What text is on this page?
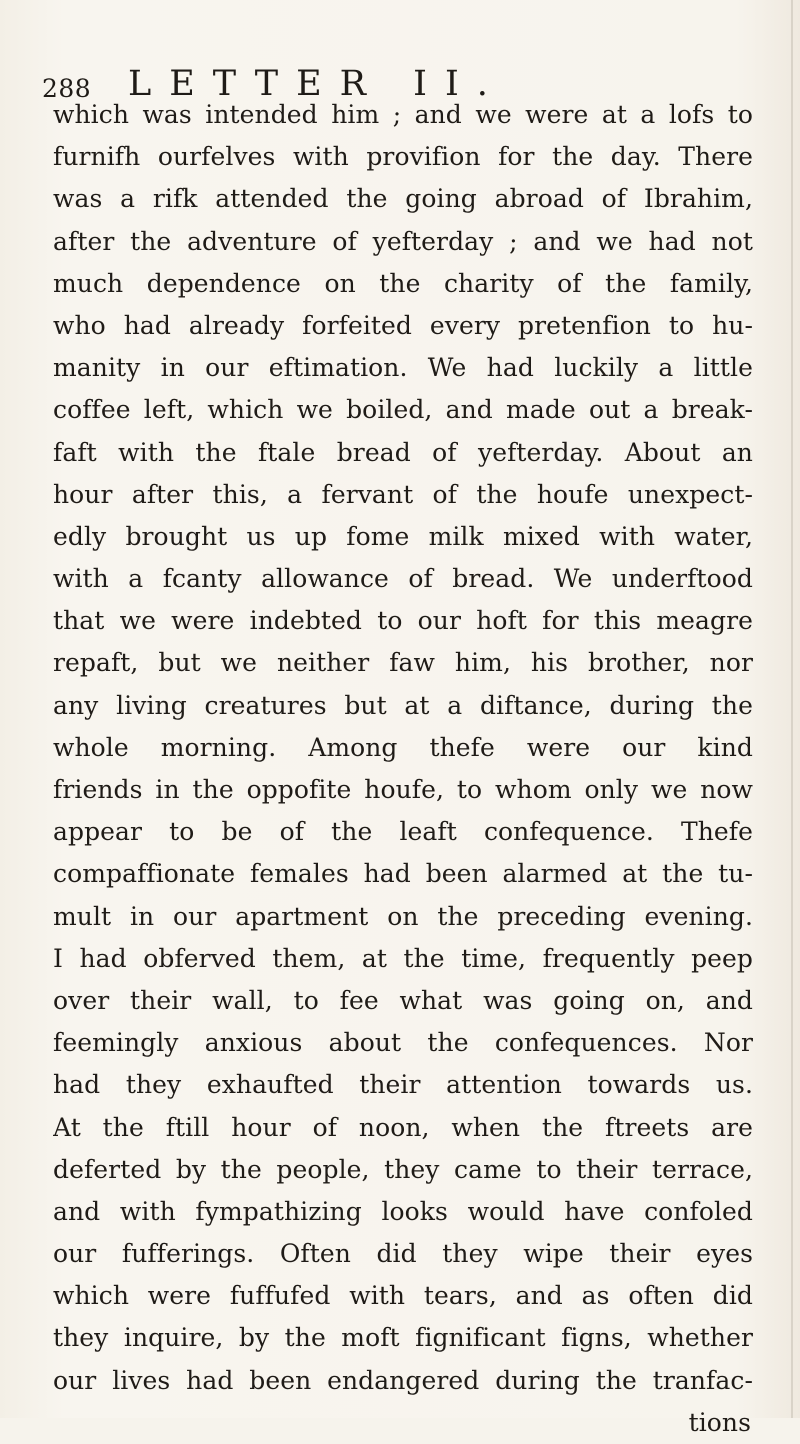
288 LETTER II.
which was intended him ; and we were at a lofs to
furnifh ourfelves with provifion for the day. There
was a rifk attended the going abroad of Ibrahim,
after the adventure of yefterday ; and we had not
much dependence on the charity of the family,
who had already forfeited every pretenfion to hu-
manity in our eftimation. We had luckily a little
coffee left, which we boiled, and made out a break-
faft with the ftale bread of yefterday. About an
hour after this, a fervant of the houfe unexpect-
edly brought us up fome milk mixed with water,
with a fcanty allowance of bread. We underftood
that we were indebted to our hoft for this meagre
repaft, but we neither faw him, his brother, nor
any living creatures but at a diftance, during the
whole morning. Among thefe were our kind
friends in the oppofite houfe, to whom only we now
appear to be of the leaft confequence. Thefe
compaffionate females had been alarmed at the tu-
mult in our apartment on the preceding evening.
I had obferved them, at the time, frequently peep
over their wall, to fee what was going on, and
feemingly anxious about the confequences. Nor
had they exhaufted their attention towards us.
At the ftill hour of noon, when the ftreets are
deferted by the people, they came to their terrace,
and with fympathizing looks would have confoled
our fufferings. Often did they wipe their eyes
which were fuffufed with tears, and as often did
they inquire, by the moft fignificant figns, whether
our lives had been endangered during the tranfac-
tions
